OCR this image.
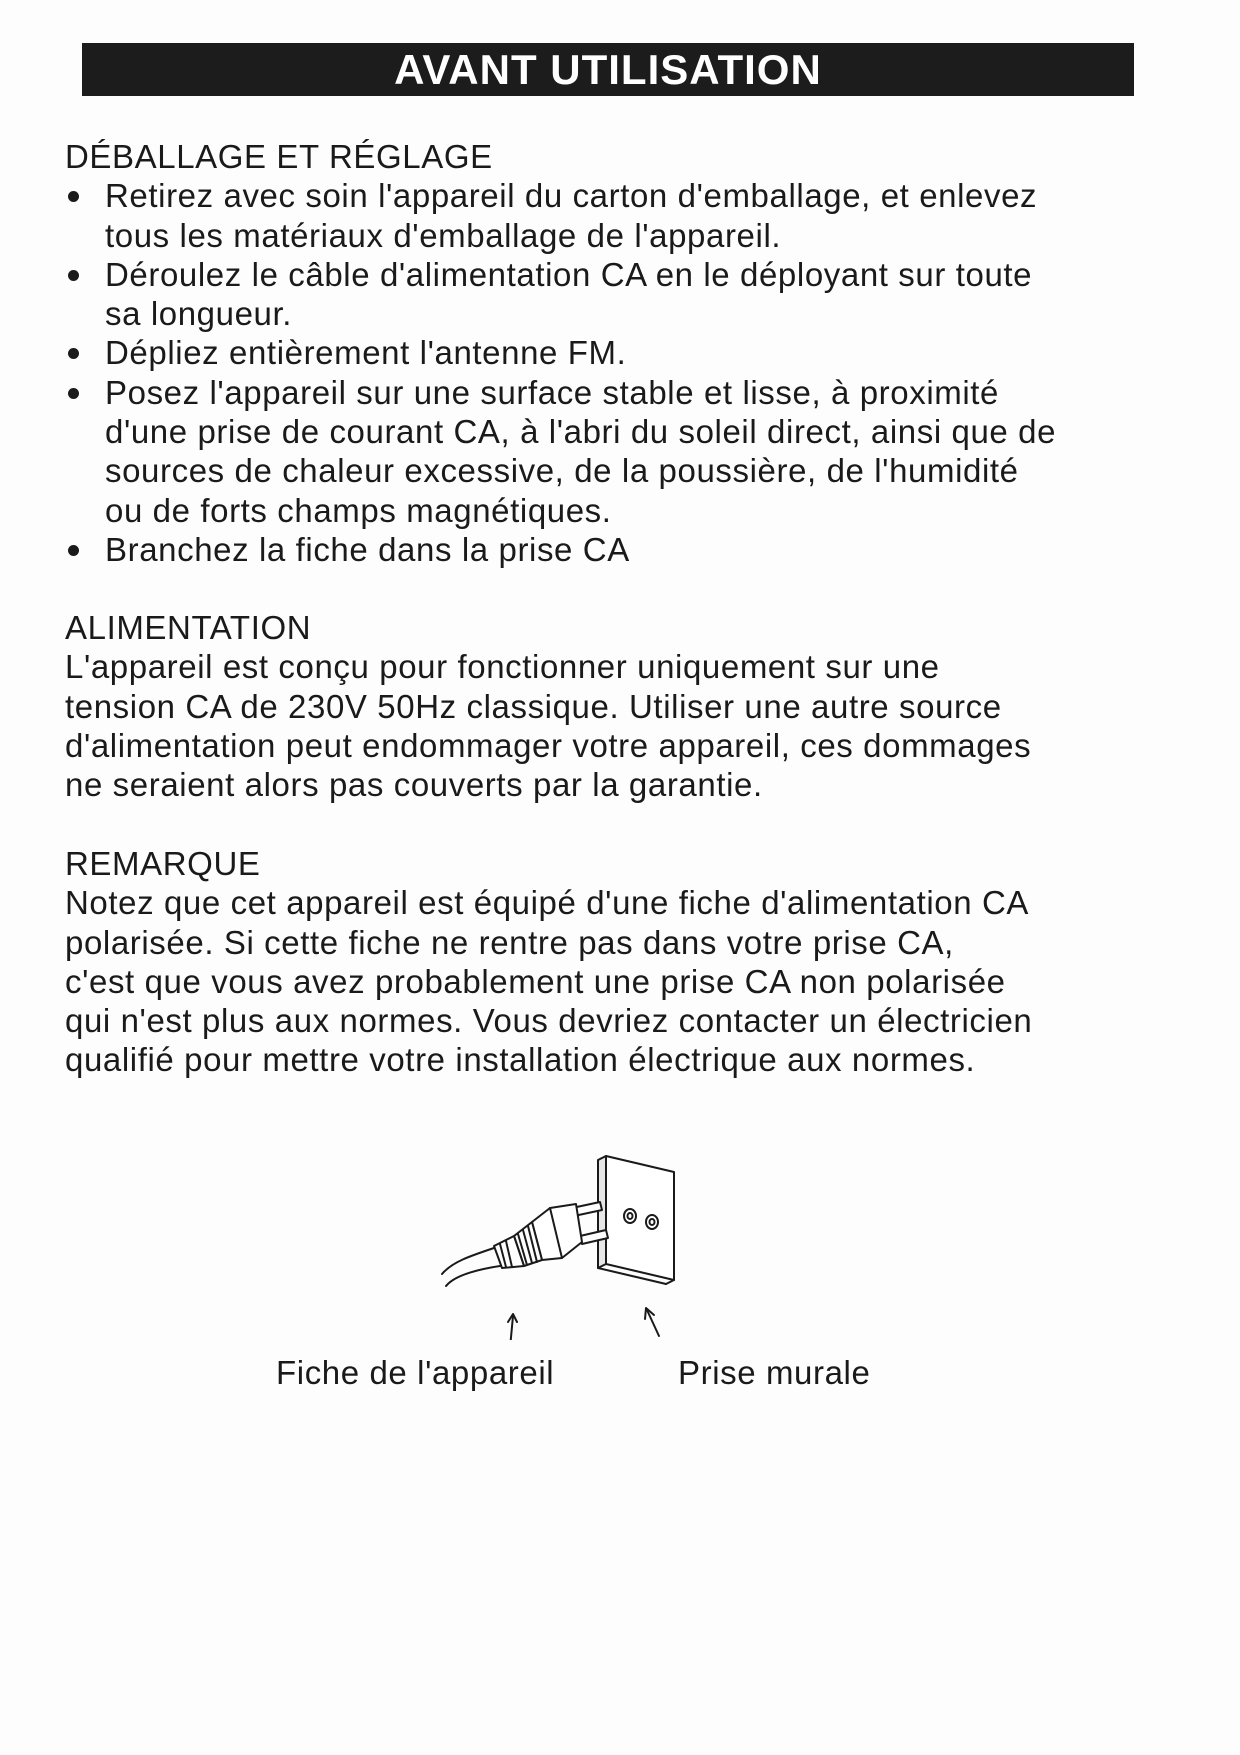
AVANT UTILISATION
DÉBALLAGE ET RÉGLAGE
Retirez avec soin l'appareil du carton d'emballage, et enlevez
tous les matériaux d'emballage de l'appareil.
Déroulez le câble d'alimentation CA en le déployant sur toute
sa longueur.
Dépliez entièrement l'antenne FM.
Posez l'appareil sur une surface stable et lisse, à proximité
d'une prise de courant CA, à l'abri du soleil direct, ainsi que de
sources de chaleur excessive, de la poussière, de l'humidité
ou de forts champs magnétiques.
Branchez la fiche dans la prise CA
ALIMENTATION
L'appareil est conçu pour fonctionner uniquement sur une
tension CA de 230V 50Hz classique. Utiliser une autre source
d'alimentation peut endommager votre appareil, ces dommages
ne seraient alors pas couverts par la garantie.
REMARQUE
Notez que cet appareil est équipé d'une fiche d'alimentation CA
polarisée. Si cette fiche ne rentre pas dans votre prise CA,
c'est que vous avez probablement une prise CA non polarisée
qui n'est plus aux normes. Vous devriez contacter un électricien
qualifié pour mettre votre installation électrique aux normes.
Fiche de l'appareil	Prise murale
